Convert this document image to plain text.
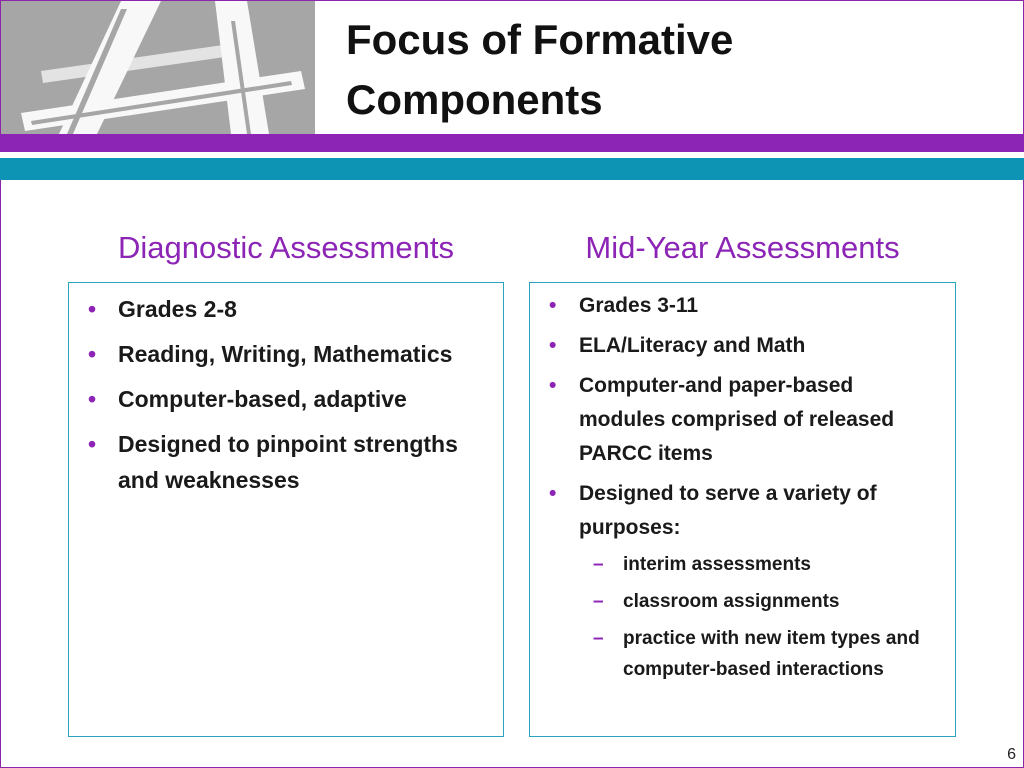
Focus of Formative
Components
Diagnostic Assessments
• Grades 2-8
• Reading, Writing, Mathematics
• Computer-based, adaptive
• Designed to pinpoint strengths and weaknesses
Mid-Year Assessments
• Grades 3-11
• ELA/Literacy and Math
• Computer-and paper-based modules comprised of released PARCC items
• Designed to serve a variety of purposes:
– interim assessments
– classroom assignments
– practice with new item types and computer-based interactions
6
